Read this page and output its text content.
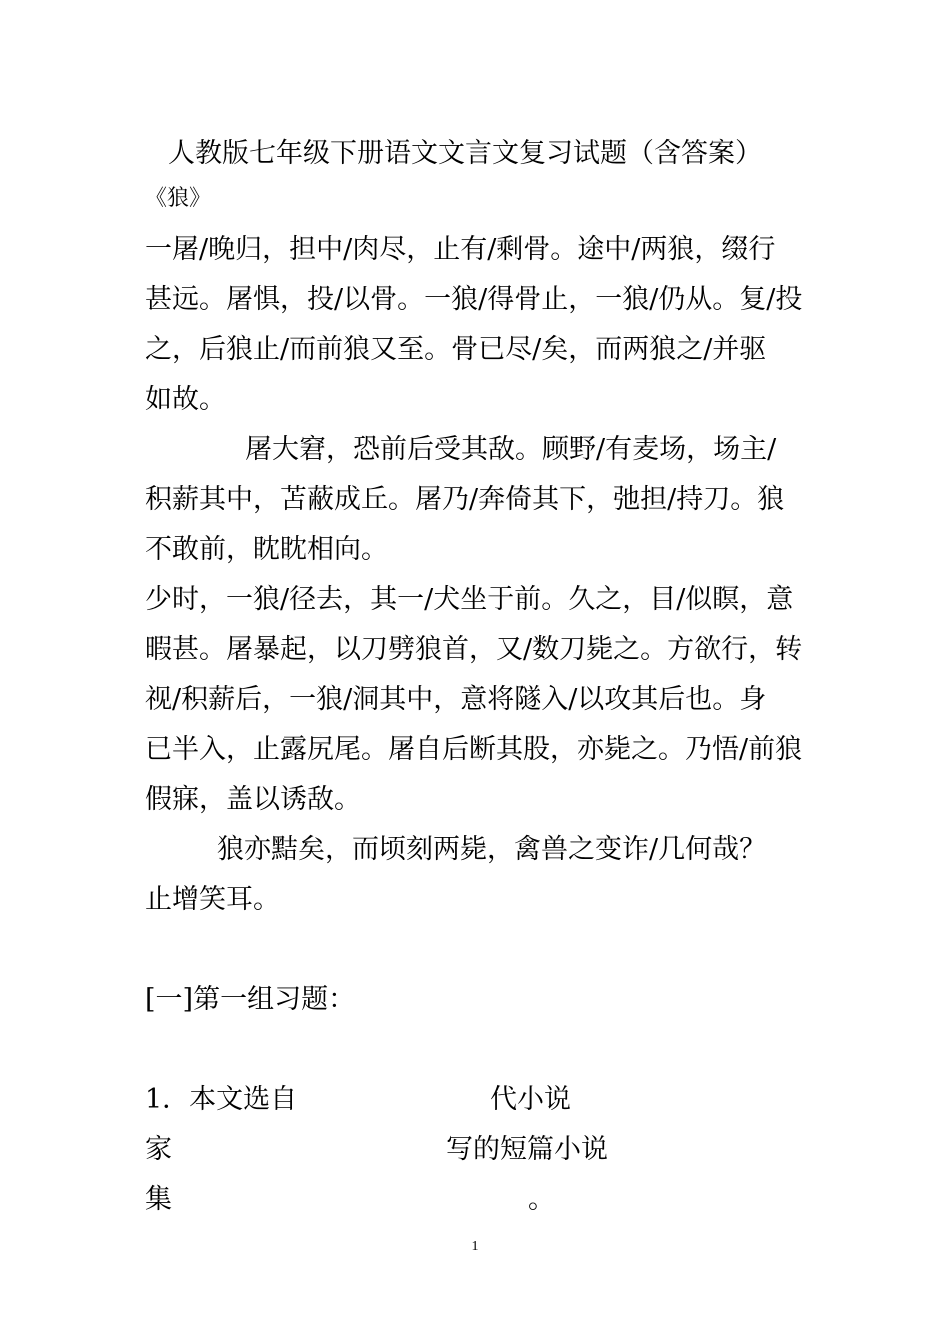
人教版七年级下册语文文言文复习试题（含答案）
《狼》

一屠/晚归，担中/肉尽，止有/剩骨。途中/两狼，缀行

甚远。屠惧，投/以骨。一狼/得骨止，一狼/仍从。复/投

之，后狼止/而前狼又至。骨已尽/矣，而两狼之/并驱

如故。

屠大窘，恐前后受其敌。顾野/有麦场，场主/

积薪其中，苫蔽成丘。屠乃/奔倚其下，弛担/持刀。狼

不敢前，眈眈相向。

少时，一狼/径去，其一/犬坐于前。久之，目/似瞑，意

暇甚。屠暴起，以刀劈狼首，又/数刀毙之。方欲行，转

视/积薪后，一狼/洞其中，意将隧入/以攻其后也。身

已半入，止露尻尾。屠自后断其股，亦毙之。乃悟/前狼

假寐，盖以诱敌。

狼亦黠矣，而顷刻两毙，禽兽之变诈/几何哉？

止增笑耳。

[一]第一组习题：

1．本文选自	代小说
家	写的短篇小说
集	。
1
